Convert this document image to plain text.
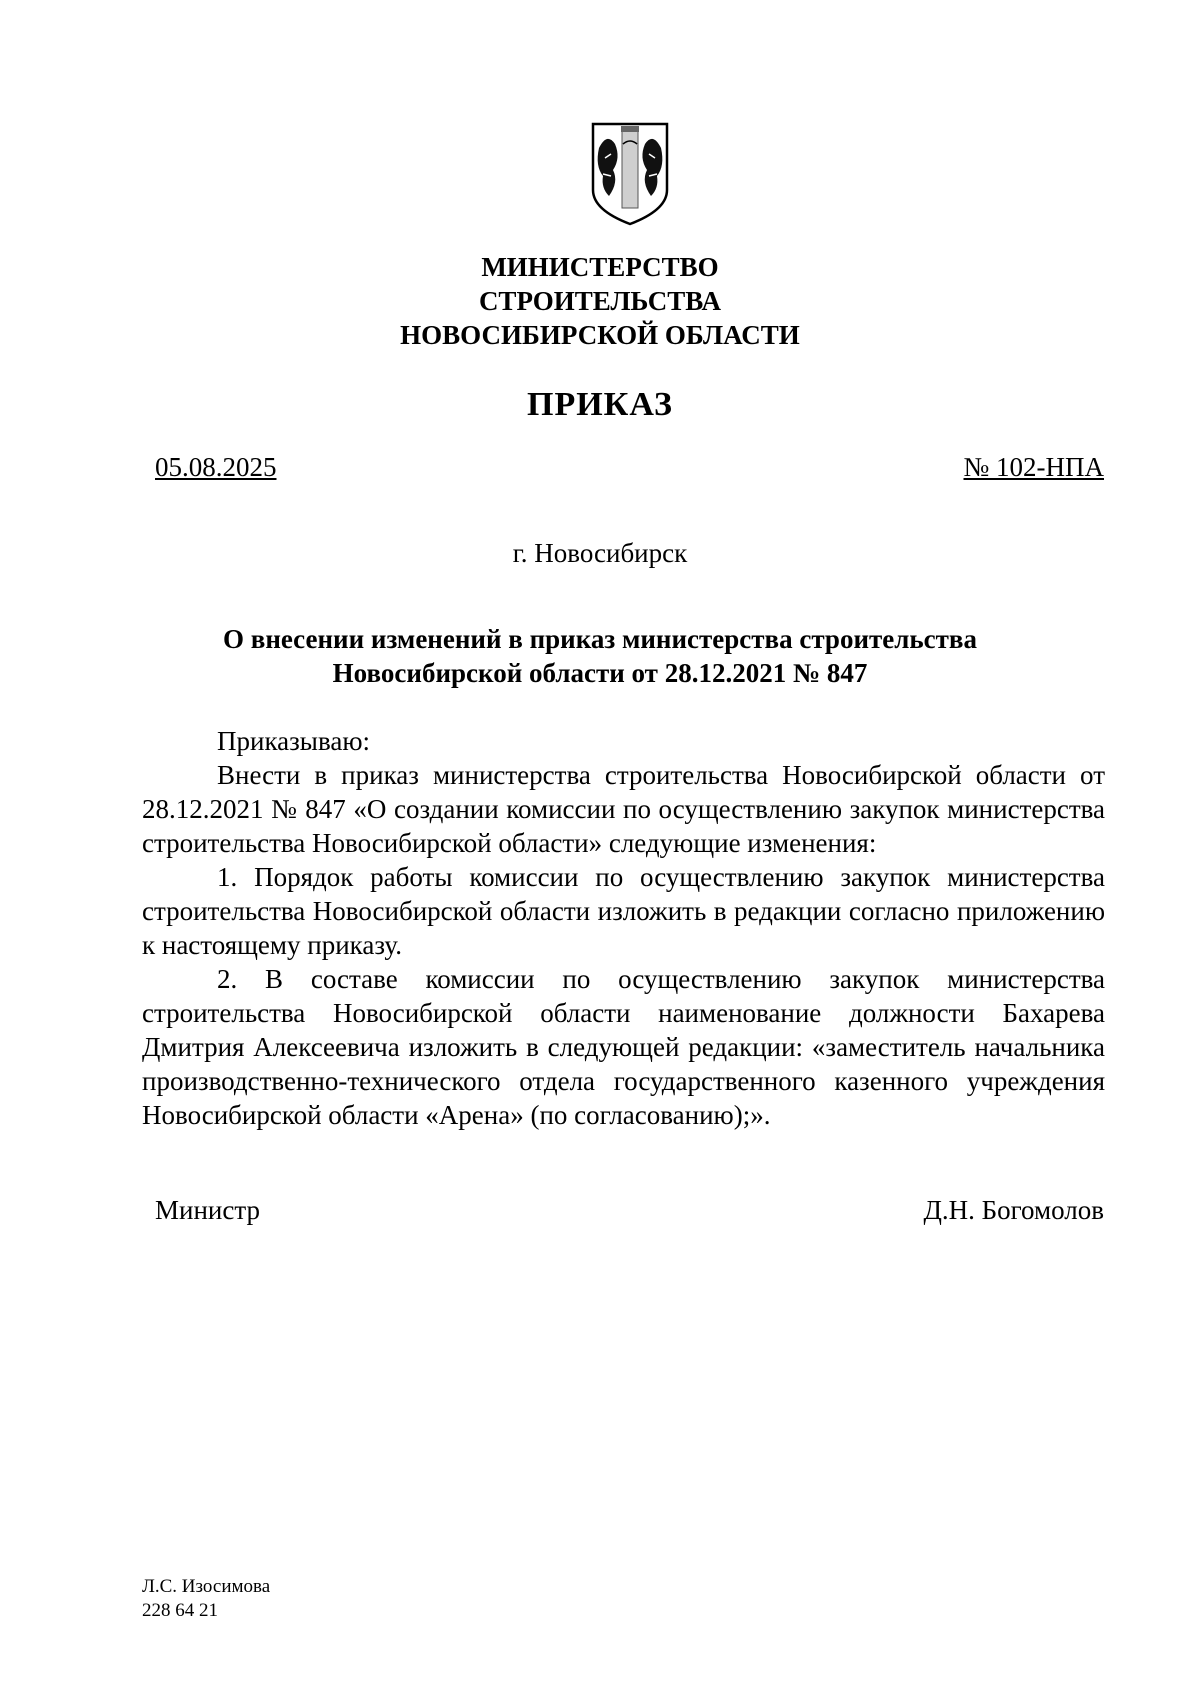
МИНИСТЕРСТВО
СТРОИТЕЛЬСТВА
НОВОСИБИРСКОЙ ОБЛАСТИ
ПРИКАЗ
05.08.2025	№ 102-НПА
г. Новосибирск
О внесении изменений в приказ министерства строительства
Новосибирской области от 28.12.2021 № 847

Приказываю:

Внести в приказ министерства строительства Новосибирской области от 28.12.2021 № 847 «О создании комиссии по осуществлению закупок министерства строительства Новосибирской области» следующие изменения:

1. Порядок работы комиссии по осуществлению закупок министерства строительства Новосибирской области изложить в редакции согласно приложению к настоящему приказу.

2. В составе комиссии по осуществлению закупок министерства строительства Новосибирской области наименование должности Бахарева Дмитрия Алексеевича изложить в следующей редакции: «заместитель начальника производственно-технического отдела государственного казенного учреждения Новосибирской области «Арена» (по согласованию);».

Министр	Д.Н. Богомолов
Л.С. Изосимова
228 64 21
